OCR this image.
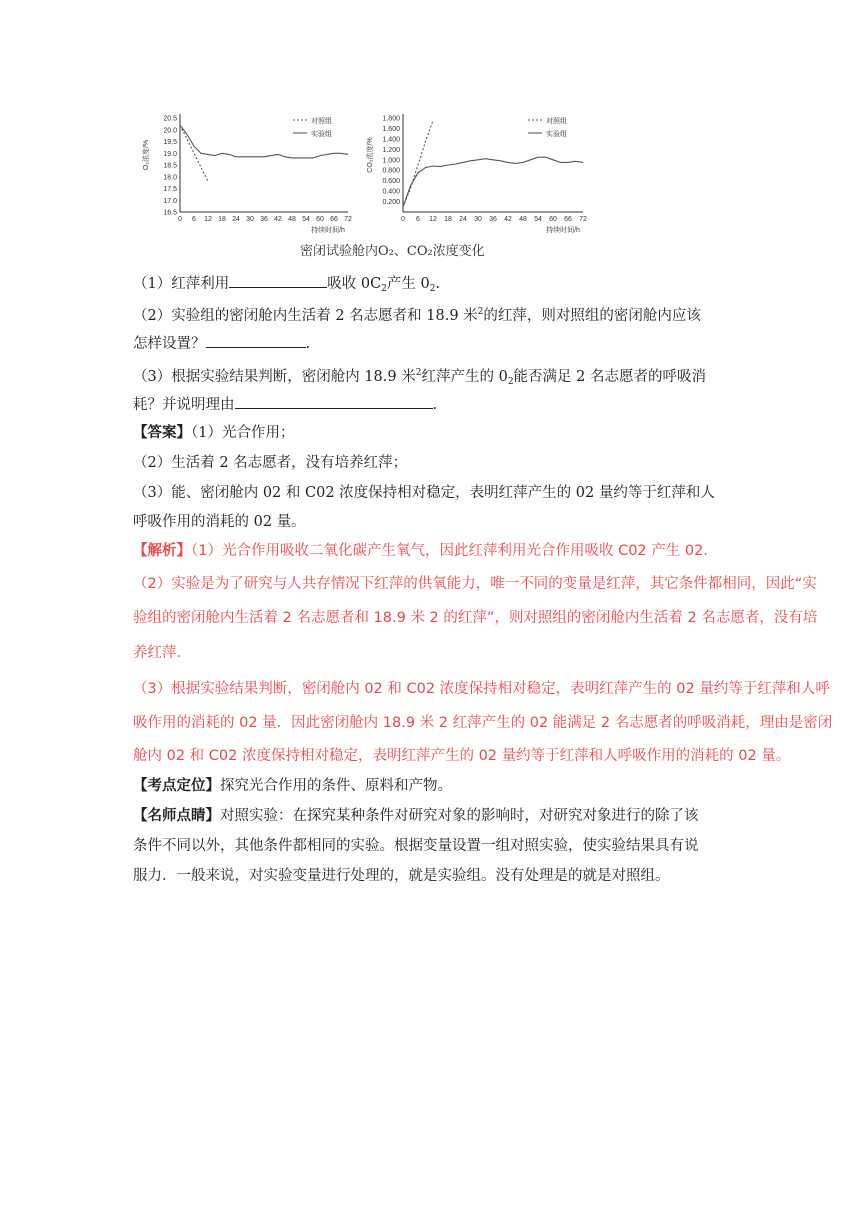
O₂浓度/%
20.5
20.0
19.5
19.0
18.5
18.0
17.5
17.0
16.5
0 6 12 18 24 30 36 42 48 54 60 66 72
持续时间/h
对照组
实验组
CO₂浓度/%
1.800
1.600
1.400
1.200
1.000
0.800
0.600
0.400
0.200
0 6 12 18 24 30 36 42 48 54 60 66 72
持续时间/h
对照组
实验组
密闭试验舱内O₂、CO₂浓度变化
（1）红萍利用	吸收 $0C_2$产生 $0_2$.
（2）实验组的密闭舱内生活着 2 名志愿者和 18.9 米$^2$的红萍，则对照组的密闭舱内应该
怎样设置？	.
（3）根据实验结果判断，密闭舱内 18.9 米$^2$红萍产生的 $0_2$能否满足 2 名志愿者的呼吸消
耗？并说明理由	.
【答案】（1）光合作用；
（2）生活着 2 名志愿者，没有培养红萍；
（3）能、密闭舱内 02 和 C02 浓度保持相对稳定，表明红萍产生的 02 量约等于红萍和人
呼吸作用的消耗的 02 量。
【解析】（1）光合作用吸收二氧化碳产生氧气，因此红萍利用光合作用吸收 C02 产生 02．
（2）实验是为了研究与人共存情况下红萍的供氧能力，唯一不同的变量是红萍，其它条件都相同，因此“实
验组的密闭舱内生活着 2 名志愿者和 18.9 米 2 的红萍”，则对照组的密闭舱内生活着 2 名志愿者，没有培
养红萍．
（3）根据实验结果判断，密闭舱内 02 和 C02 浓度保持相对稳定，表明红萍产生的 02 量约等于红萍和人呼
吸作用的消耗的 02 量．因此密闭舱内 18.9 米 2 红萍产生的 02 能满足 2 名志愿者的呼吸消耗，理由是密闭
舱内 02 和 C02 浓度保持相对稳定，表明红萍产生的 02 量约等于红萍和人呼吸作用的消耗的 02 量。
【考点定位】探究光合作用的条件、原料和产物。
【名师点睛】对照实验：在探究某种条件对研究对象的影响时，对研究对象进行的除了该
条件不同以外，其他条件都相同的实验。根据变量设置一组对照实验，使实验结果具有说
服力．一般来说，对实验变量进行处理的，就是实验组。没有处理是的就是对照组。
